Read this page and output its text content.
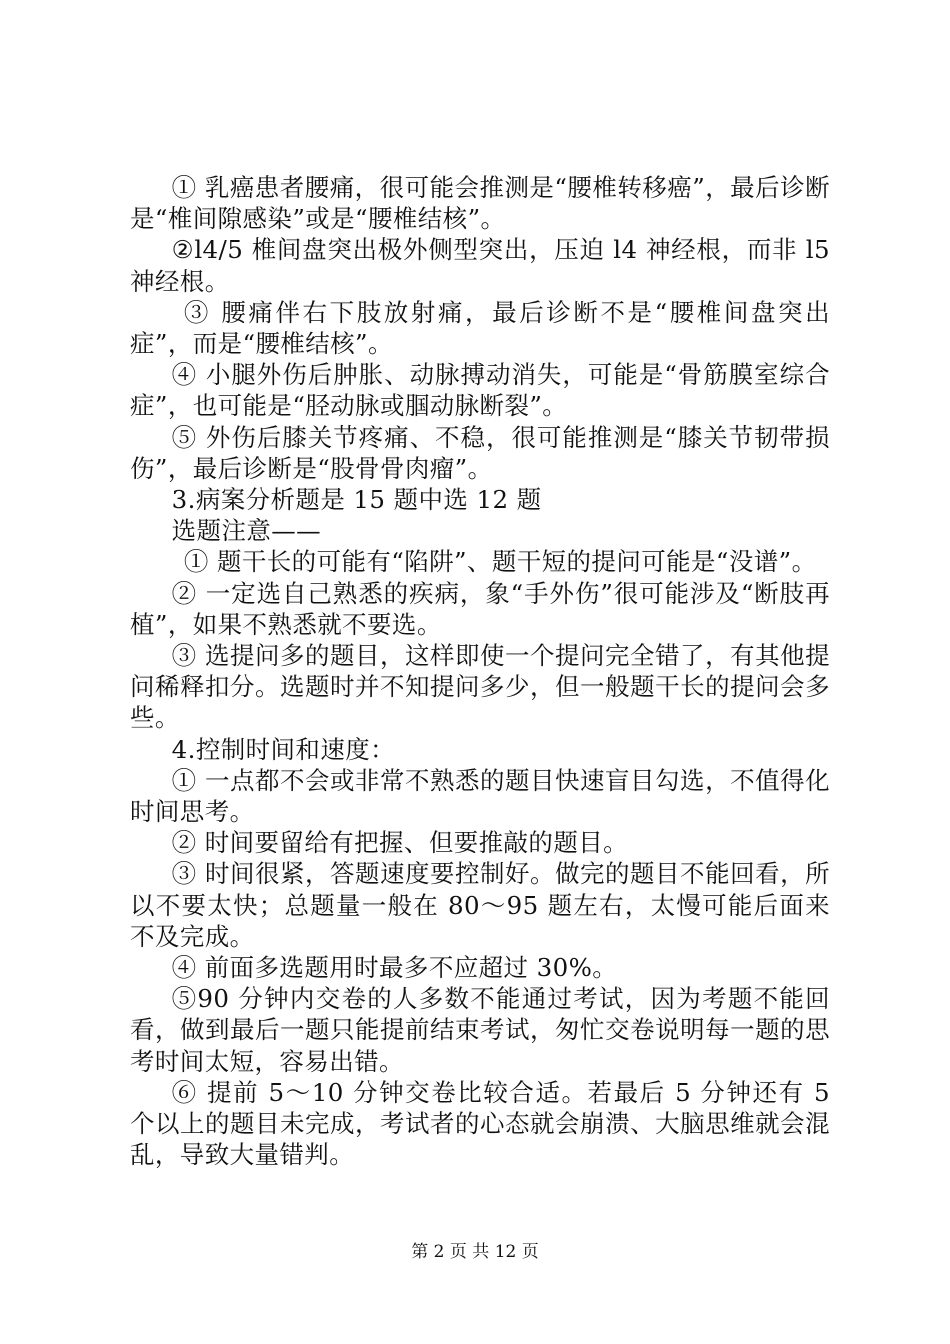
① 乳癌患者腰痛，很可能会推测是“腰椎转移癌”，最后诊断是“椎间隙感染”或是“腰椎结核”。

②l4/5 椎间盘突出极外侧型突出，压迫 l4 神经根，而非 l5 神经根。

③ 腰痛伴右下肢放射痛，最后诊断不是“腰椎间盘突出症”，而是“腰椎结核”。

④ 小腿外伤后肿胀、动脉搏动消失，可能是“骨筋膜室综合症”，也可能是“胫动脉或腘动脉断裂”。

⑤ 外伤后膝关节疼痛、不稳，很可能推测是“膝关节韧带损伤”，最后诊断是“股骨骨肉瘤”。

3.病案分析题是 15 题中选 12 题

选题注意——

① 题干长的可能有“陷阱”、题干短的提问可能是“没谱”。

② 一定选自己熟悉的疾病，象“手外伤”很可能涉及“断肢再植”，如果不熟悉就不要选。

③ 选提问多的题目，这样即使一个提问完全错了，有其他提问稀释扣分。选题时并不知提问多少，但一般题干长的提问会多些。

4.控制时间和速度：

① 一点都不会或非常不熟悉的题目快速盲目勾选，不值得化时间思考。

② 时间要留给有把握、但要推敲的题目。

③ 时间很紧，答题速度要控制好。做完的题目不能回看，所以不要太快；总题量一般在 80～95 题左右，太慢可能后面来不及完成。

④ 前面多选题用时最多不应超过 30%。

⑤90 分钟内交卷的人多数不能通过考试，因为考题不能回看，做到最后一题只能提前结束考试，匆忙交卷说明每一题的思考时间太短，容易出错。

⑥ 提前 5～10 分钟交卷比较合适。若最后 5 分钟还有 5 个以上的题目未完成，考试者的心态就会崩溃、大脑思维就会混乱，导致大量错判。

第 2 页 共 12 页
